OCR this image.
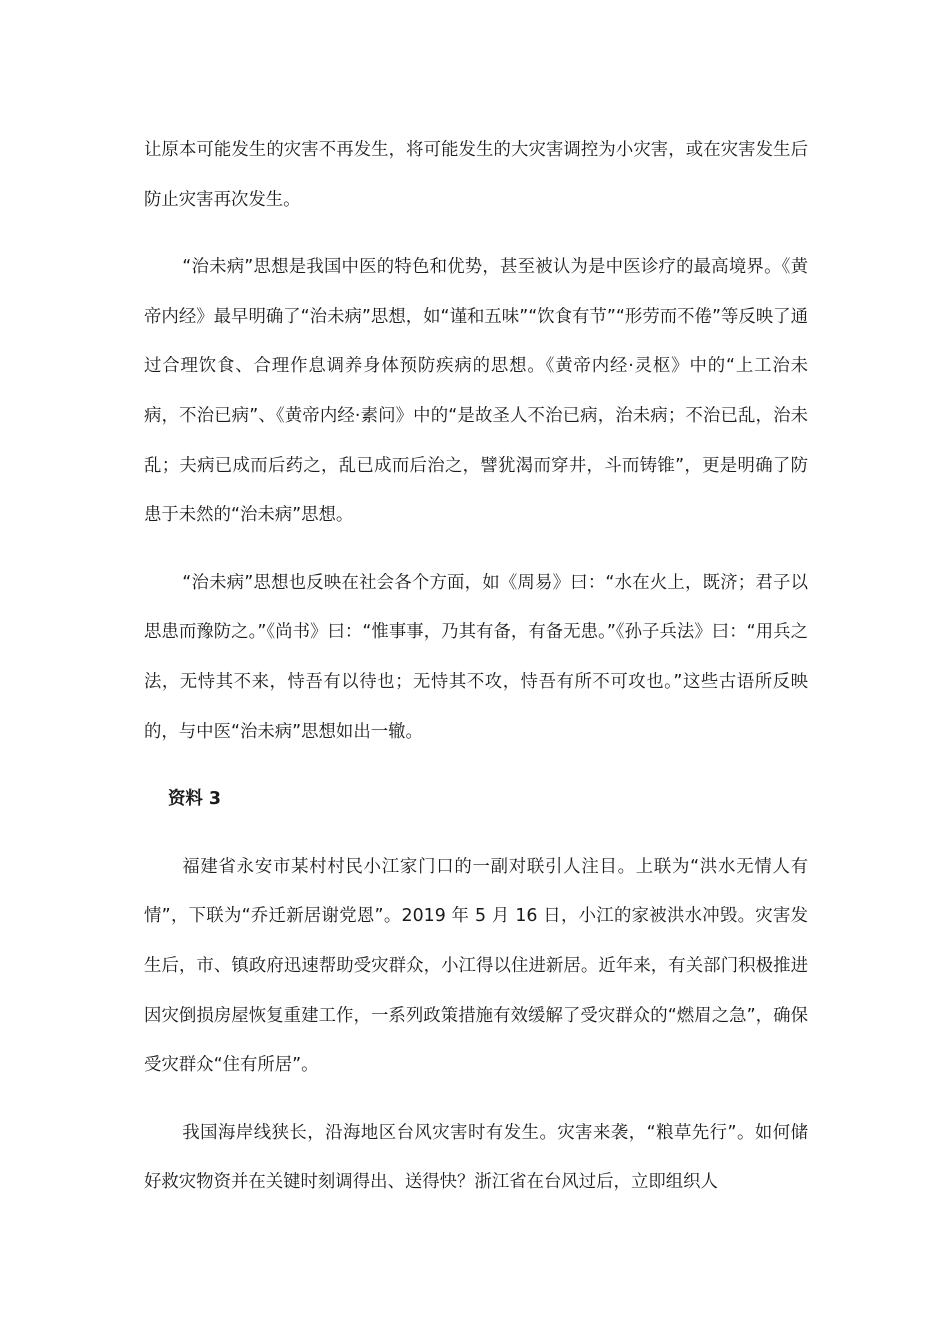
让原本可能发生的灾害不再发生，将可能发生的大灾害调控为小灾害，或在灾害发生后防止灾害再次发生。

“治未病”思想是我国中医的特色和优势，甚至被认为是中医诊疗的最高境界。《黄帝内经》最早明确了“治未病”思想，如“谨和五味”“饮食有节”“形劳而不倦”等反映了通过合理饮食、合理作息调养身体预防疾病的思想。《黄帝内经·灵枢》中的“上工治未病，不治已病”、《黄帝内经·素问》中的“是故圣人不治已病，治未病；不治已乱，治未乱；夫病已成而后药之，乱已成而后治之，譬犹渴而穿井，斗而铸锥”，更是明确了防患于未然的“治未病”思想。

“治未病”思想也反映在社会各个方面，如《周易》曰：“水在火上，既济；君子以思患而豫防之。”《尚书》曰：“惟事事，乃其有备，有备无患。”《孙子兵法》曰：“用兵之法，无恃其不来，恃吾有以待也；无恃其不攻，恃吾有所不可攻也。”这些古语所反映的，与中医“治未病”思想如出一辙。

资料 3

福建省永安市某村村民小江家门口的一副对联引人注目。上联为“洪水无情人有情”，下联为“乔迁新居谢党恩”。2019 年 5 月 16 日，小江的家被洪水冲毁。灾害发生后，市、镇政府迅速帮助受灾群众，小江得以住进新居。近年来，有关部门积极推进因灾倒损房屋恢复重建工作，一系列政策措施有效缓解了受灾群众的“燃眉之急”，确保受灾群众“住有所居”。

我国海岸线狭长，沿海地区台风灾害时有发生。灾害来袭，“粮草先行”。如何储好救灾物资并在关键时刻调得出、送得快？浙江省在台风过后，立即组织人
